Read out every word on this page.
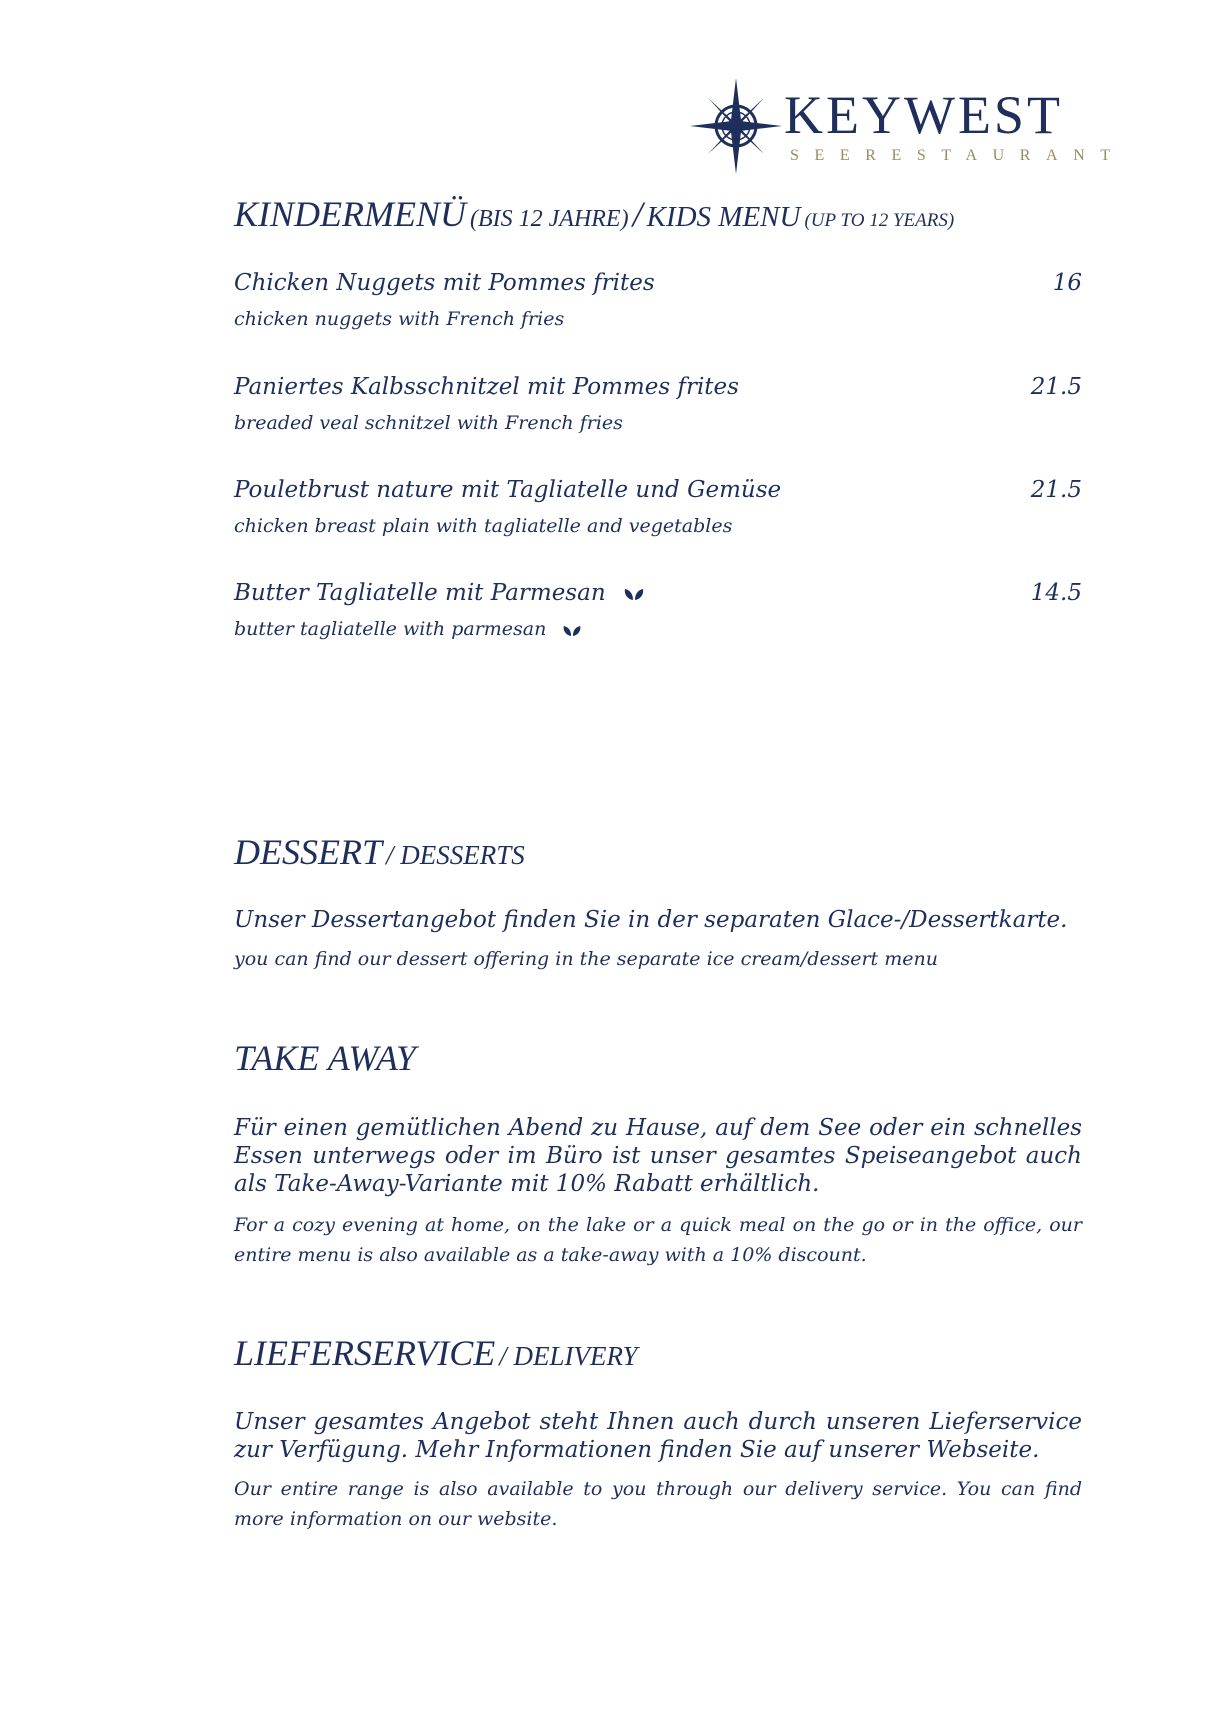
KEYWEST
SEERESTAURANT
KINDERMENÜ (BIS 12 JAHRE) / KIDS MENU (UP TO 12 YEARS)
Chicken Nuggets mit Pommes frites	16
chicken nuggets with French fries
Paniertes Kalbsschnitzel mit Pommes frites	21.5
breaded veal schnitzel with French fries
Pouletbrust nature mit Tagliatelle und Gemüse	21.5
chicken breast plain with tagliatelle and vegetables
Butter Tagliatelle mit Parmesan	14.5
butter tagliatelle with parmesan
DESSERT / DESSERTS
Unser Dessertangebot finden Sie in der separaten Glace-/Dessertkarte.
you can find our dessert offering in the separate ice cream/dessert menu
TAKE AWAY
Für einen gemütlichen Abend zu Hause, auf dem See oder ein schnelles Essen unterwegs oder im Büro ist unser gesamtes Speiseangebot auch als Take-Away-Variante mit 10% Rabatt erhältlich.
For a cozy evening at home, on the lake or a quick meal on the go or in the office, our entire menu is also available as a take-away with a 10% discount.
LIEFERSERVICE / DELIVERY
Unser gesamtes Angebot steht Ihnen auch durch unseren Lieferservice zur Verfügung. Mehr Informationen finden Sie auf unserer Webseite.
Our entire range is also available to you through our delivery service. You can find more information on our website.
